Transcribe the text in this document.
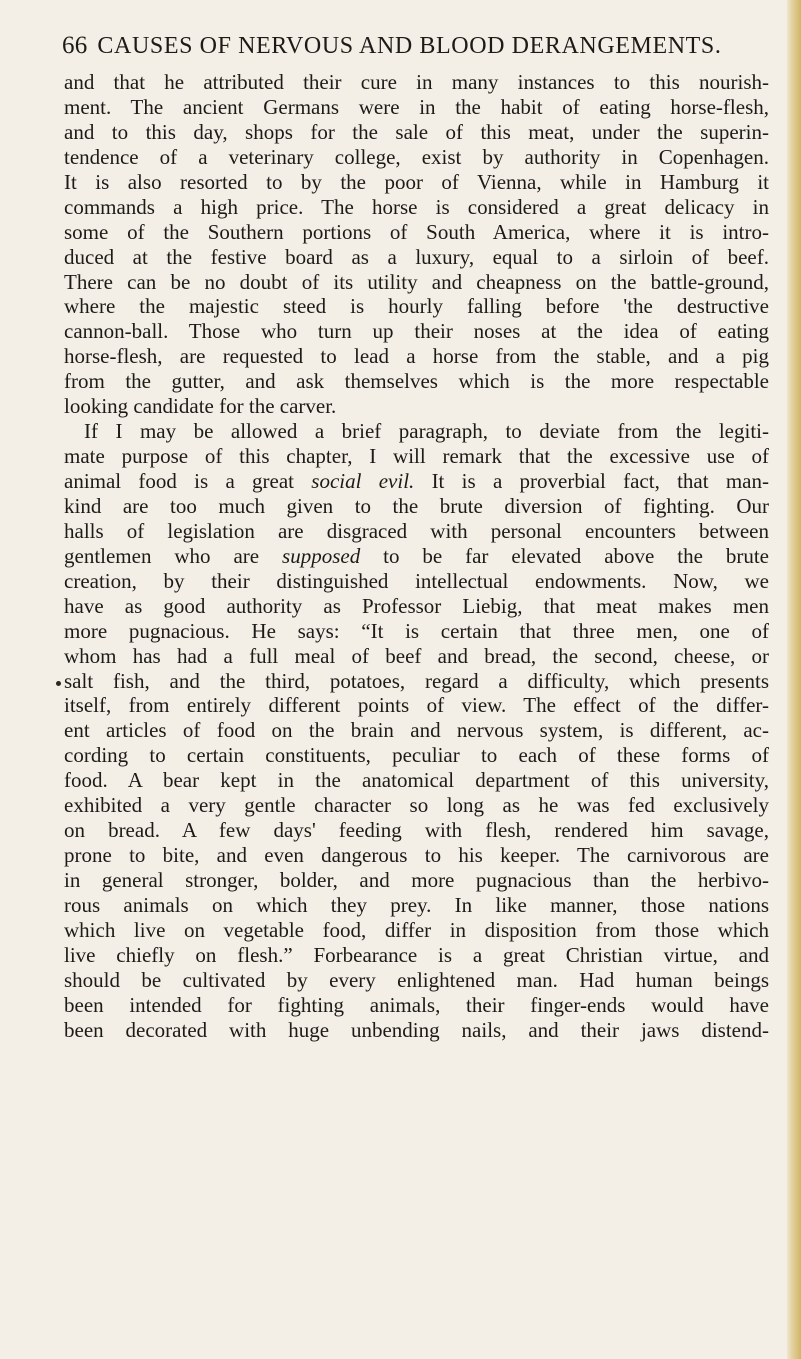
66 CAUSES OF NERVOUS AND BLOOD DERANGEMENTS.
and that he attributed their cure in many instances to this nourish-
ment. The ancient Germans were in the habit of eating horse-flesh,
and to this day, shops for the sale of this meat, under the superin-
tendence of a veterinary college, exist by authority in Copenhagen.
It is also resorted to by the poor of Vienna, while in Hamburg it
commands a high price. The horse is considered a great delicacy in
some of the Southern portions of South America, where it is intro-
duced at the festive board as a luxury, equal to a sirloin of beef.
There can be no doubt of its utility and cheapness on the battle-ground,
where the majestic steed is hourly falling before 'the destructive
cannon-ball. Those who turn up their noses at the idea of eating
horse-flesh, are requested to lead a horse from the stable, and a pig
from the gutter, and ask themselves which is the more respectable
looking candidate for the carver.
If I may be allowed a brief paragraph, to deviate from the legiti-
mate purpose of this chapter, I will remark that the excessive use of
animal food is a great social evil. It is a proverbial fact, that man-
kind are too much given to the brute diversion of fighting. Our
halls of legislation are disgraced with personal encounters between
gentlemen who are supposed to be far elevated above the brute
creation, by their distinguished intellectual endowments. Now, we
have as good authority as Professor Liebig, that meat makes men
more pugnacious. He says: “It is certain that three men, one of
whom has had a full meal of beef and bread, the second, cheese, or
salt fish, and the third, potatoes, regard a difficulty, which presents
itself, from entirely different points of view. The effect of the differ-
ent articles of food on the brain and nervous system, is different, ac-
cording to certain constituents, peculiar to each of these forms of
food. A bear kept in the anatomical department of this university,
exhibited a very gentle character so long as he was fed exclusively
on bread. A few days' feeding with flesh, rendered him savage,
prone to bite, and even dangerous to his keeper. The carnivorous are
in general stronger, bolder, and more pugnacious than the herbivo-
rous animals on which they prey. In like manner, those nations
which live on vegetable food, differ in disposition from those which
live chiefly on flesh.” Forbearance is a great Christian virtue, and
should be cultivated by every enlightened man. Had human beings
been intended for fighting animals, their finger-ends would have
been decorated with huge unbending nails, and their jaws distend-
